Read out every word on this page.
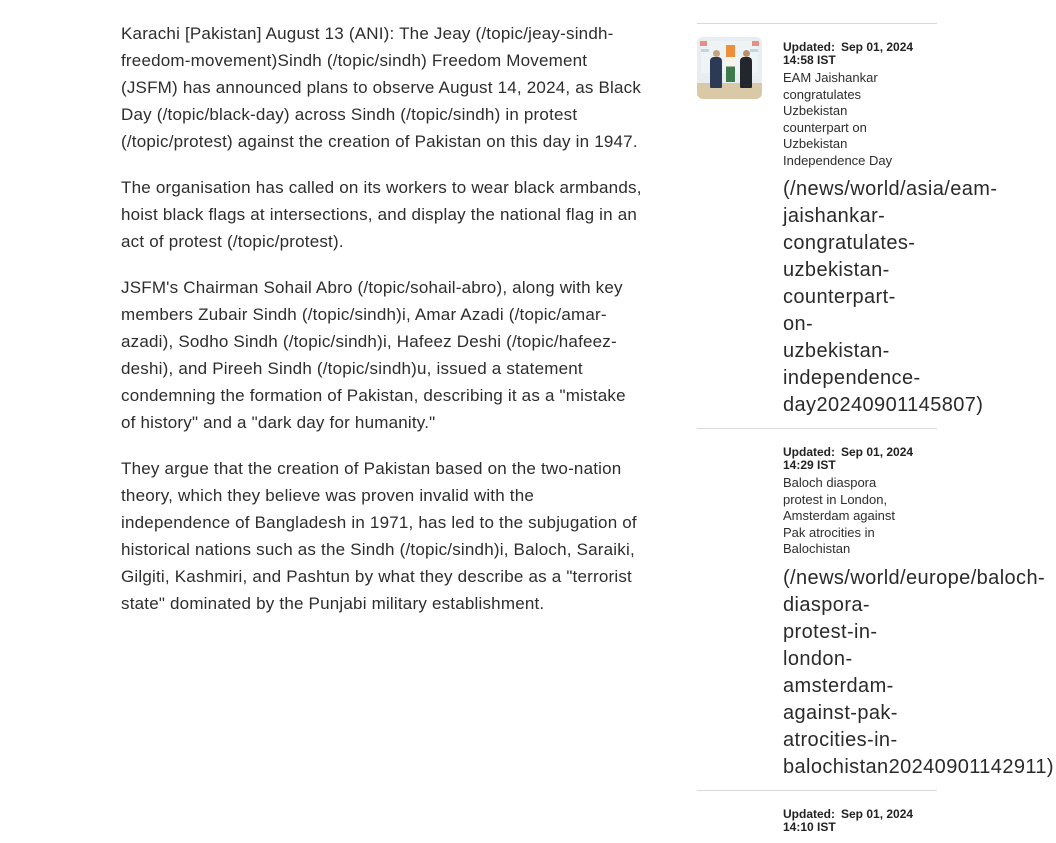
Karachi [Pakistan] August 13 (ANI): The Jeay (/topic/jeay-sindh-freedom-movement)Sindh (/topic/sindh) Freedom Movement (JSFM) has announced plans to observe August 14, 2024, as Black Day (/topic/black-day) across Sindh (/topic/sindh) in protest (/topic/protest) against the creation of Pakistan on this day in 1947.

The organisation has called on its workers to wear black armbands, hoist black flags at intersections, and display the national flag in an act of protest (/topic/protest).

JSFM's Chairman Sohail Abro (/topic/sohail-abro), along with key members Zubair Sindh (/topic/sindh)i, Amar Azadi (/topic/amar-azadi), Sodho Sindh (/topic/sindh)i, Hafeez Deshi (/topic/hafeez-deshi), and Pireeh Sindh (/topic/sindh)u, issued a statement condemning the formation of Pakistan, describing it as a "mistake of history" and a "dark day for humanity."

They argue that the creation of Pakistan based on the two-nation theory, which they believe was proven invalid with the independence of Bangladesh in 1971, has led to the subjugation of historical nations such as the Sindh (/topic/sindh)i, Baloch, Saraiki, Gilgiti, Kashmiri, and Pashtun by what they describe as a "terrorist state" dominated by the Punjabi military establishment.

Updated: Sep 01, 2024
14:58 IST
EAM Jaishankar congratulates Uzbekistan counterpart on Uzbekistan Independence Day
(/news/world/asia/eam-jaishankar-congratulates-uzbekistan-counterpart-on-uzbekistan-independence-day20240901145807)
Updated: Sep 01, 2024
14:29 IST
Baloch diaspora protest in London, Amsterdam against Pak atrocities in Balochistan
(/news/world/europe/baloch-diaspora-protest-in-london-amsterdam-against-pak-atrocities-in-balochistan20240901142911)
Updated: Sep 01, 2024
14:10 IST
